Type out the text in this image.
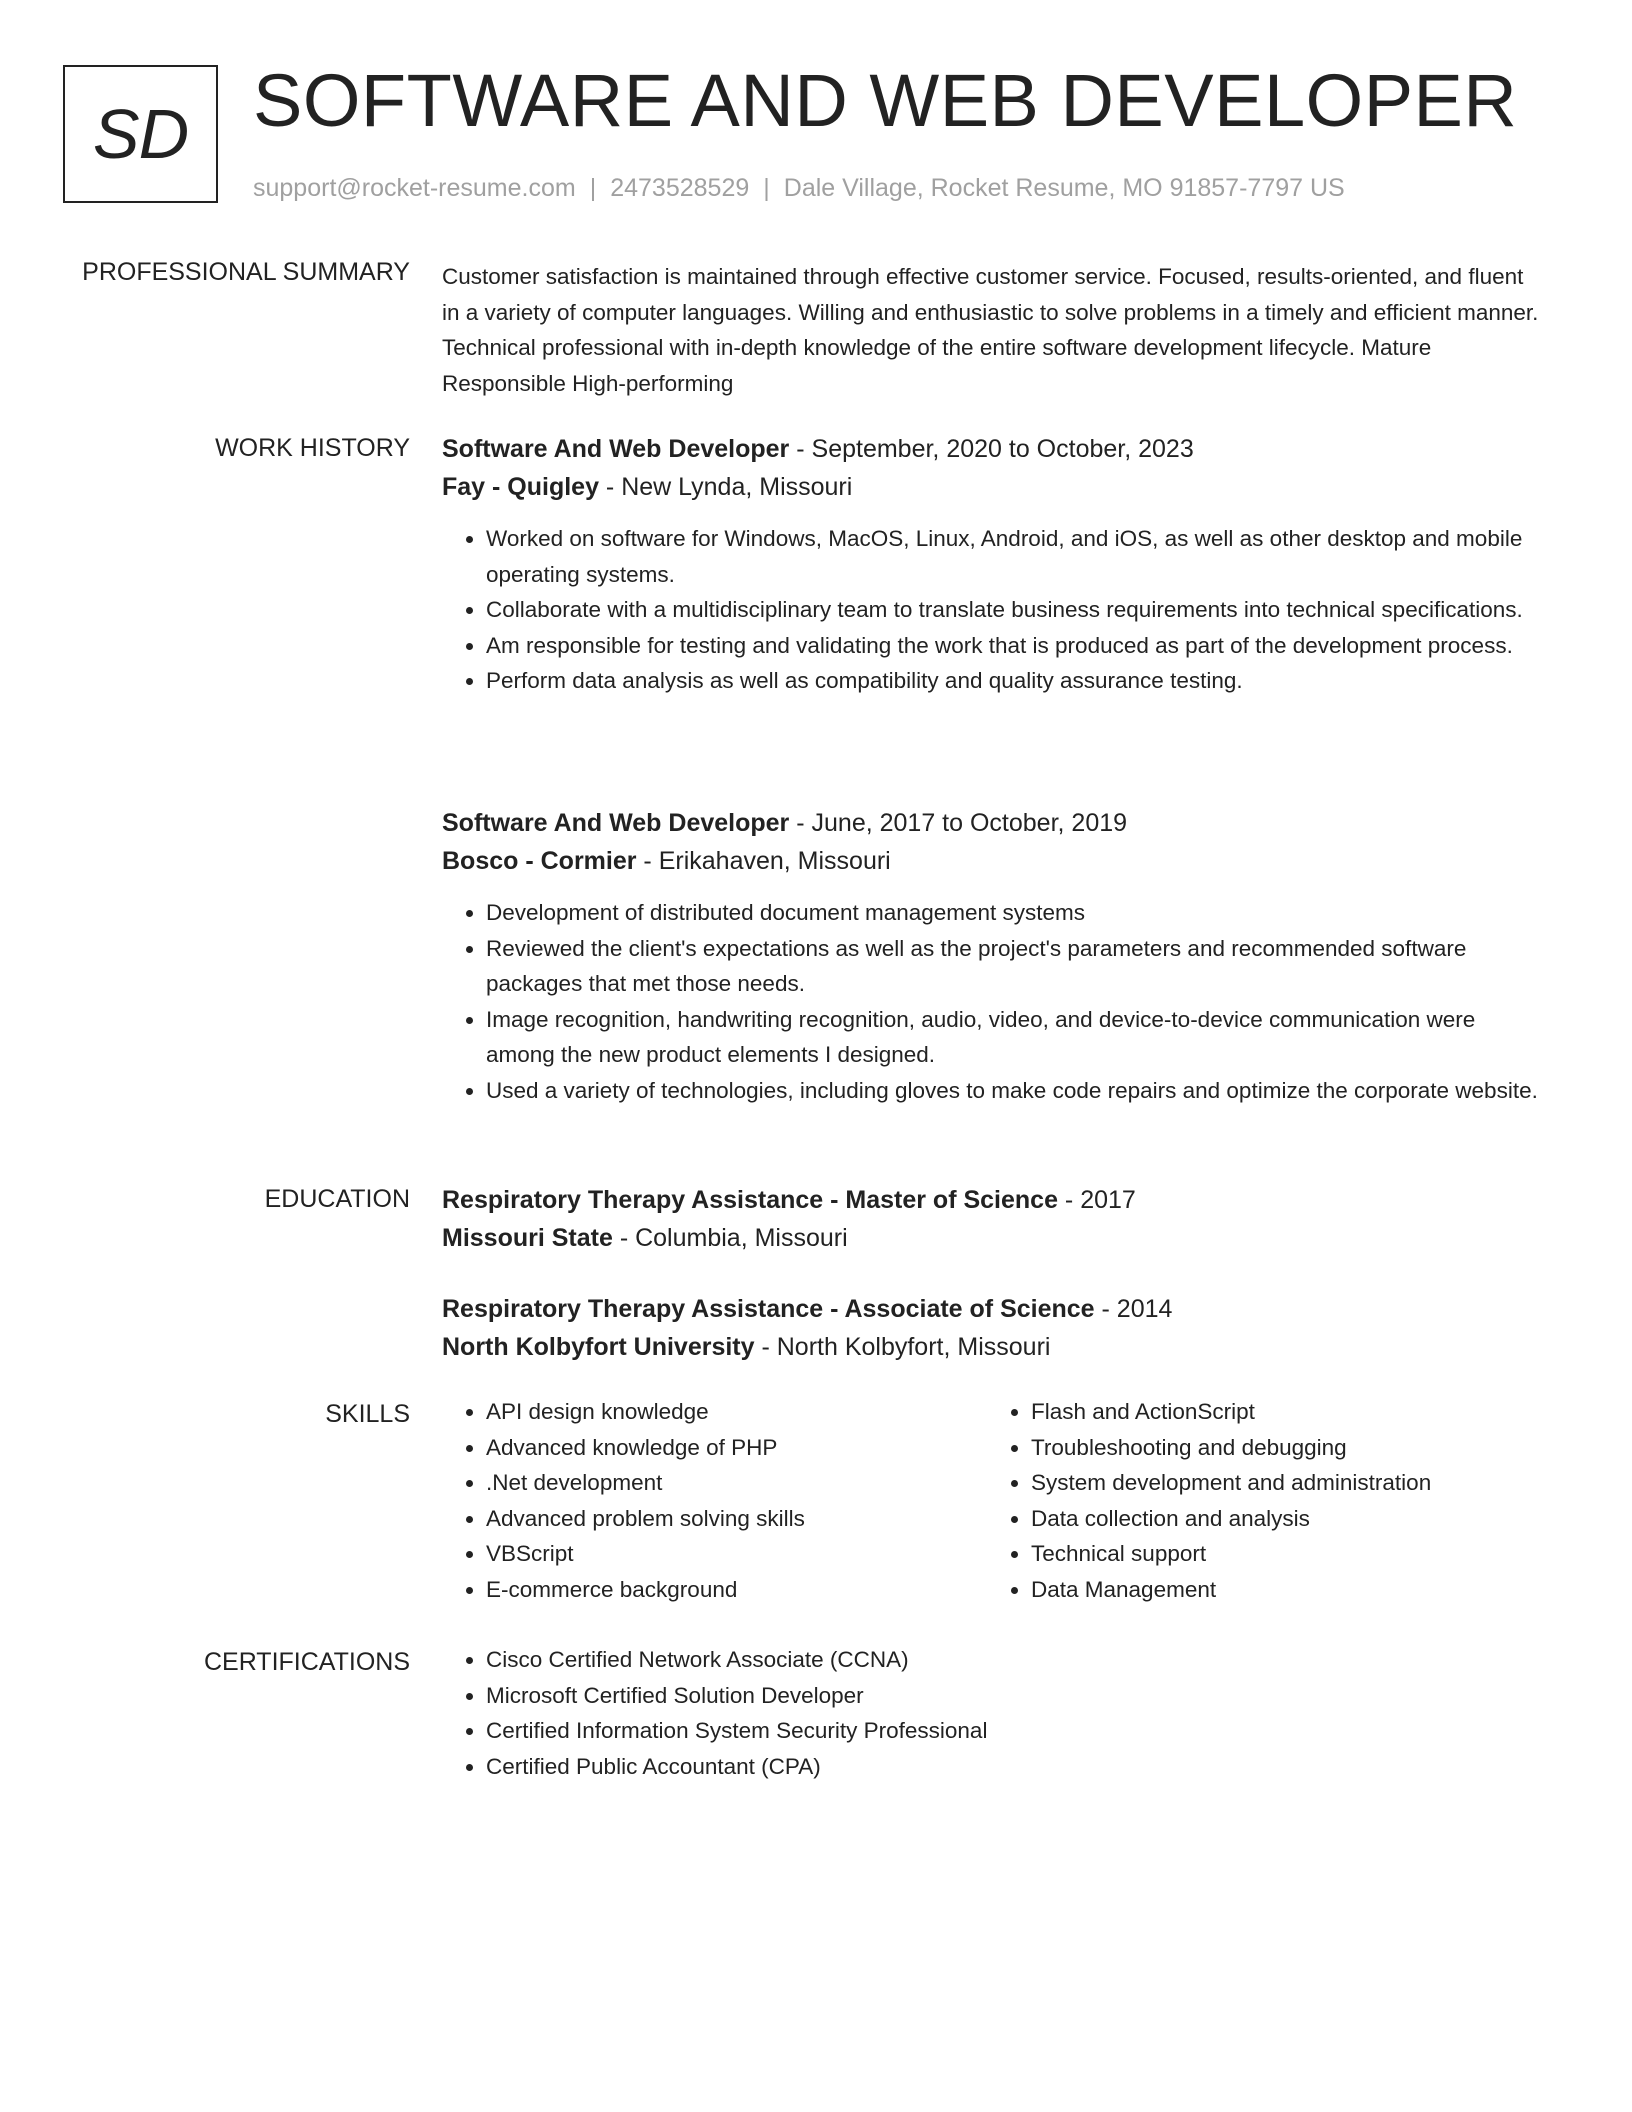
SD SOFTWARE AND WEB DEVELOPER
support@rocket-resume.com | 2473528529 | Dale Village, Rocket Resume, MO 91857-7797 US
PROFESSIONAL SUMMARY Customer satisfaction is maintained through effective customer service. Focused, results-oriented, and fluent in a variety of computer languages. Willing and enthusiastic to solve problems in a timely and efficient manner. Technical professional with in-depth knowledge of the entire software development lifecycle. Mature Responsible High-performing

WORK HISTORY Software And Web Developer - September, 2020 to October, 2023

Fay - Quigley - New Lynda, Missouri

• Worked on software for Windows, MacOS, Linux, Android, and iOS, as well as other desktop and mobile operating systems.
• Collaborate with a multidisciplinary team to translate business requirements into technical specifications.
• Am responsible for testing and validating the work that is produced as part of the development process.
• Perform data analysis as well as compatibility and quality assurance testing.

Software And Web Developer - June, 2017 to October, 2019

Bosco - Cormier - Erikahaven, Missouri

• Development of distributed document management systems
• Reviewed the client's expectations as well as the project's parameters and recommended software packages that met those needs.
• Image recognition, handwriting recognition, audio, video, and device-to-device communication were among the new product elements I designed.
• Used a variety of technologies, including gloves to make code repairs and optimize the corporate website.
EDUCATION Respiratory Therapy Assistance - Master of Science - 2017

Missouri State - Columbia, Missouri

Respiratory Therapy Assistance - Associate of Science - 2014

North Kolbyfort University - North Kolbyfort, Missouri

SKILLS	• API design knowledge
• Advanced knowledge of PHP
• .Net development
• Advanced problem solving skills
• VBScript
• E-commerce background
• Flash and ActionScript
• Troubleshooting and debugging
• System development and administration
• Data collection and analysis
• Technical support
• Data Management
CERTIFICATIONS	• Cisco Certified Network Associate (CCNA)
• Microsoft Certified Solution Developer
• Certified Information System Security Professional
• Certified Public Accountant (CPA)
